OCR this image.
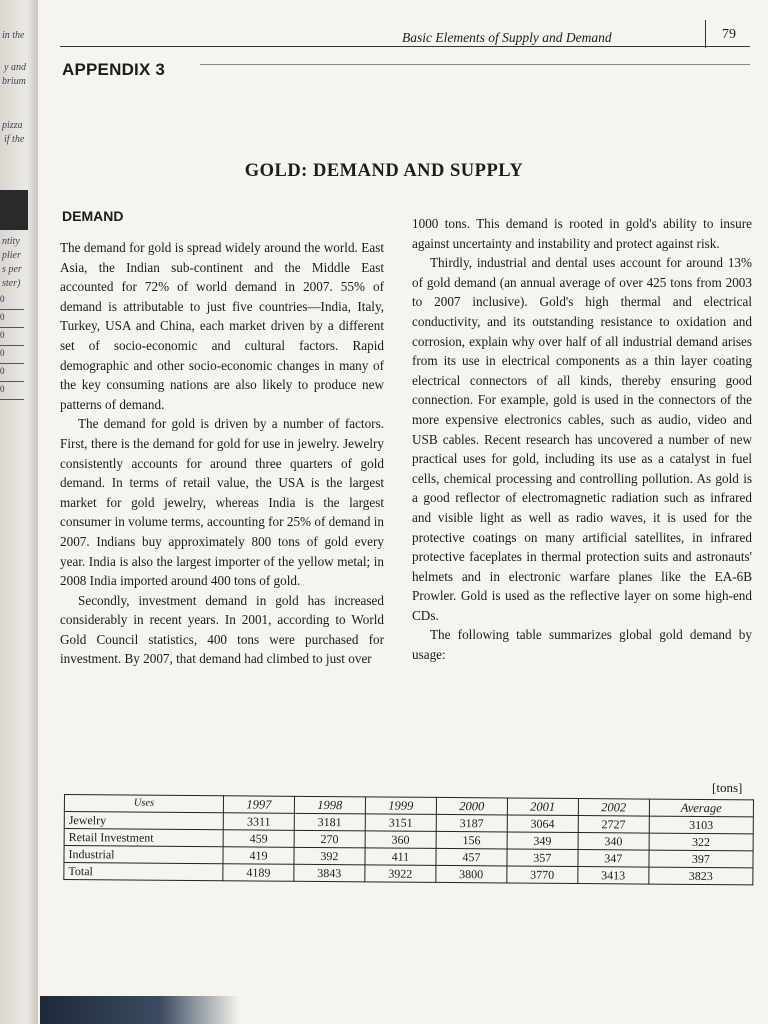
in the
y and
brium
pizza
if the
ntity
plier
s per
ster)
0
0
0
0
0
0
Basic Elements of Supply and Demand	79
APPENDIX 3
GOLD: DEMAND AND SUPPLY
DEMAND

The demand for gold is spread widely around the world. East Asia, the Indian sub-continent and the Middle East accounted for 72% of world demand in 2007. 55% of demand is attributable to just five countries—India, Italy, Turkey, USA and China, each market driven by a different set of socio-economic and cultural factors. Rapid demographic and other socio-economic changes in many of the key consuming nations are also likely to produce new patterns of demand.

The demand for gold is driven by a number of factors. First, there is the demand for gold for use in jewelry. Jewelry consistently accounts for around three quarters of gold demand. In terms of retail value, the USA is the largest market for gold jewelry, whereas India is the largest consumer in volume terms, accounting for 25% of demand in 2007. Indians buy approximately 800 tons of gold every year. India is also the largest importer of the yellow metal; in 2008 India imported around 400 tons of gold.

Secondly, investment demand in gold has increased considerably in recent years. In 2001, according to World Gold Council statistics, 400 tons were purchased for investment. By 2007, that demand had climbed to just over

1000 tons. This demand is rooted in gold's ability to insure against uncertainty and instability and protect against risk.

Thirdly, industrial and dental uses account for around 13% of gold demand (an annual average of over 425 tons from 2003 to 2007 inclusive). Gold's high thermal and electrical conductivity, and its outstanding resistance to oxidation and corrosion, explain why over half of all industrial demand arises from its use in electrical components as a thin layer coating electrical connectors of all kinds, thereby ensuring good connection. For example, gold is used in the connectors of the more expensive electronics cables, such as audio, video and USB cables. Recent research has uncovered a number of new practical uses for gold, including its use as a catalyst in fuel cells, chemical processing and controlling pollution. As gold is a good reflector of electromagnetic radiation such as infrared and visible light as well as radio waves, it is used for the protective coatings on many artificial satellites, in infrared protective faceplates in thermal protection suits and astronauts' helmets and in electronic warfare planes like the EA-6B Prowler. Gold is used as the reflective layer on some high-end CDs.

The following table summarizes global gold demand by usage:

[tons]
Uses	1997	1998	1999	2000	2001	2002	Average
Jewelry	3311	3181	3151	3187	3064	2727	3103
Retail Investment	459	270	360	156	349	340	322
Industrial	419	392	411	457	357	347	397
Total	4189	3843	3922	3800	3770	3413	3823
